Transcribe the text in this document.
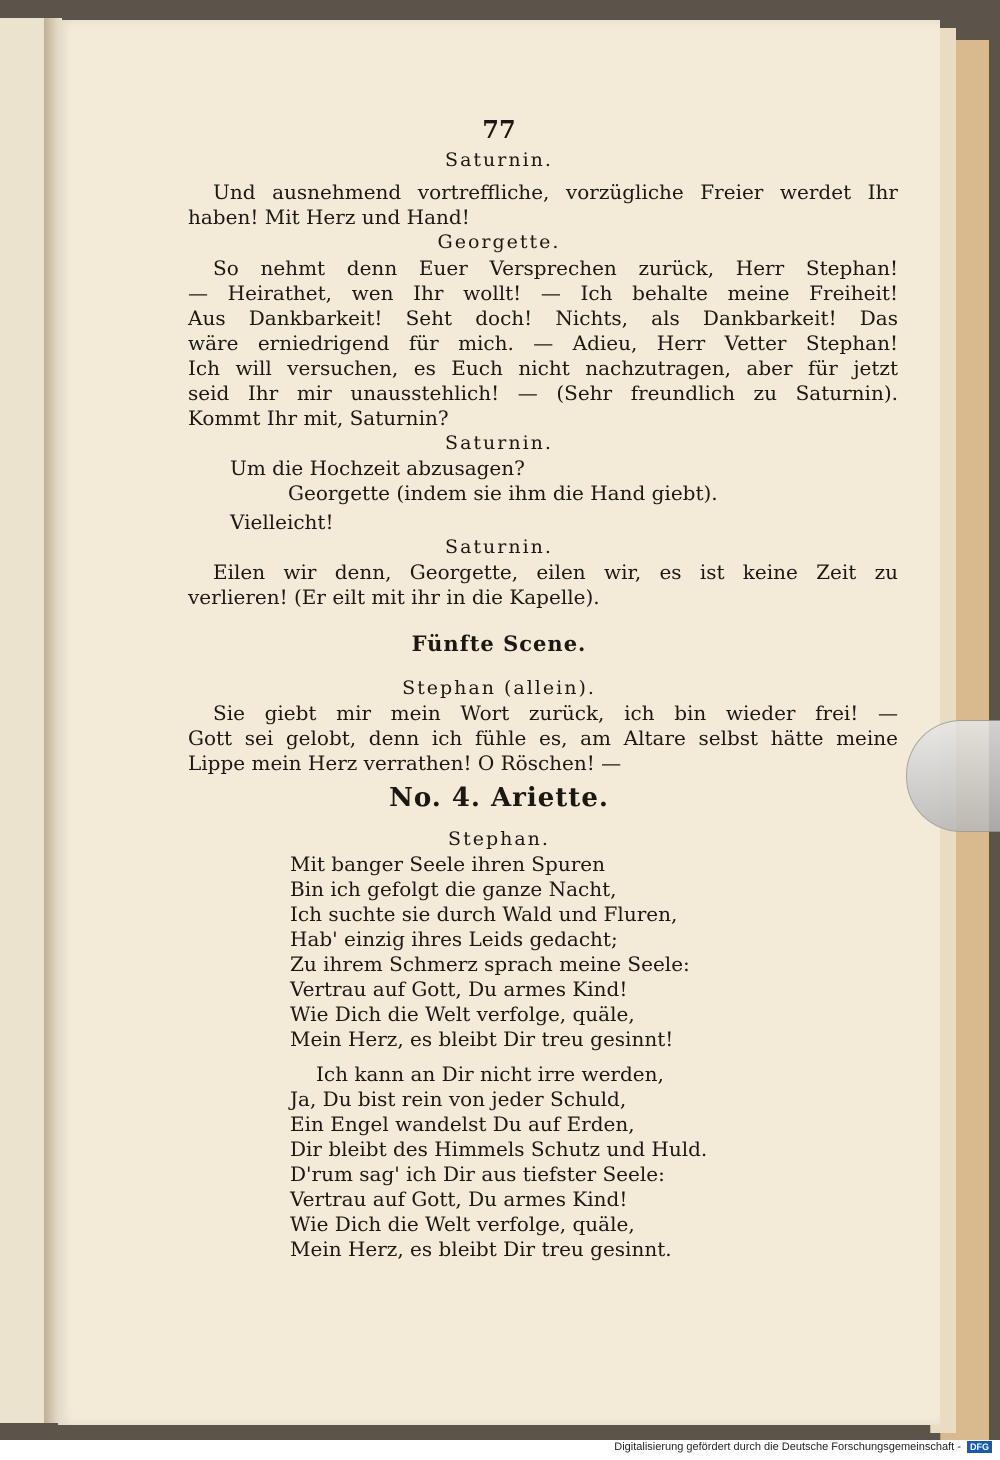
77
Saturnin.
Und ausnehmend vortreffliche, vorzügliche Freier werdet Ihr
haben! Mit Herz und Hand!
Georgette.
So nehmt denn Euer Versprechen zurück, Herr Stephan!
— Heirathet, wen Ihr wollt! — Ich behalte meine Freiheit!
Aus Dankbarkeit! Seht doch! Nichts, als Dankbarkeit! Das
wäre erniedrigend für mich. — Adieu, Herr Vetter Stephan!
Ich will versuchen, es Euch nicht nachzutragen, aber für jetzt
seid Ihr mir unausstehlich! — (Sehr freundlich zu Saturnin).
Kommt Ihr mit, Saturnin?
Saturnin.
Um die Hochzeit abzusagen?
Georgette (indem sie ihm die Hand giebt).
Vielleicht!
Saturnin.
Eilen wir denn, Georgette, eilen wir, es ist keine Zeit zu
verlieren! (Er eilt mit ihr in die Kapelle).
Fünfte Scene.
Stephan (allein).
Sie giebt mir mein Wort zurück, ich bin wieder frei! —
Gott sei gelobt, denn ich fühle es, am Altare selbst hätte meine
Lippe mein Herz verrathen! O Röschen! —
No. 4. Ariette.
Stephan.
Mit banger Seele ihren Spuren
Bin ich gefolgt die ganze Nacht,
Ich suchte sie durch Wald und Fluren,
Hab' einzig ihres Leids gedacht;
Zu ihrem Schmerz sprach meine Seele:
Vertrau auf Gott, Du armes Kind!
Wie Dich die Welt verfolge, quäle,
Mein Herz, es bleibt Dir treu gesinnt!
Ich kann an Dir nicht irre werden,
Ja, Du bist rein von jeder Schuld,
Ein Engel wandelst Du auf Erden,
Dir bleibt des Himmels Schutz und Huld.
D'rum sag' ich Dir aus tiefster Seele:
Vertrau auf Gott, Du armes Kind!
Wie Dich die Welt verfolge, quäle,
Mein Herz, es bleibt Dir treu gesinnt.
Digitalisierung gefördert durch die Deutsche Forschungsgemeinschaft - DFG
